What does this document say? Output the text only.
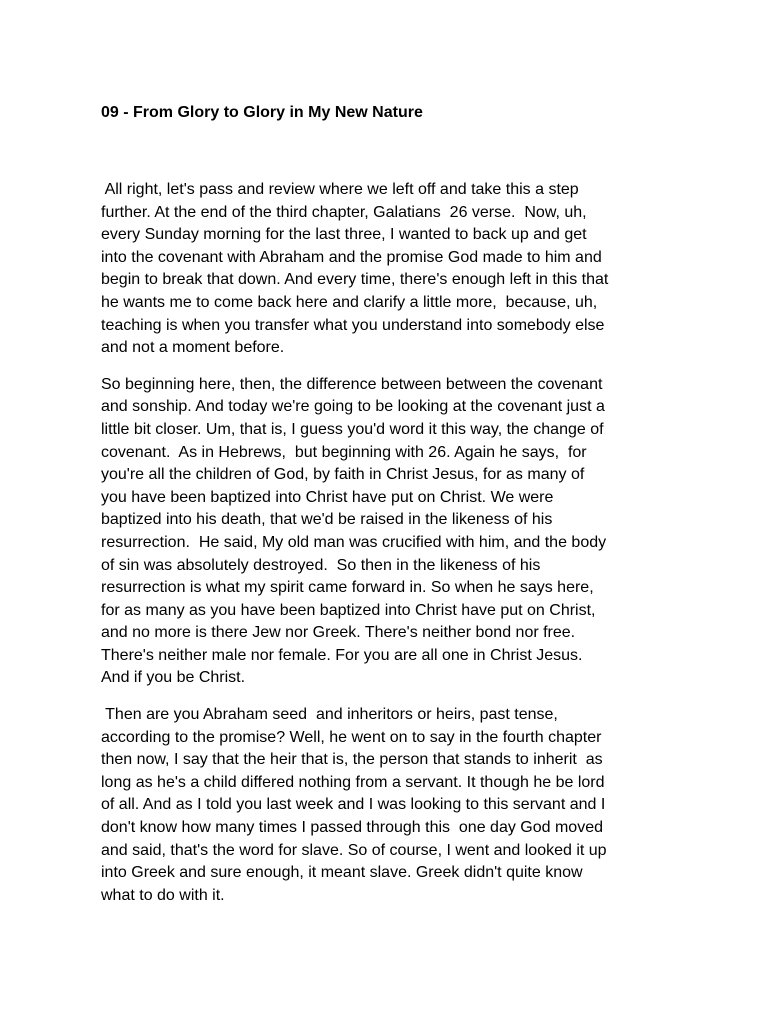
09 - From Glory to Glory in My New Nature
All right, let's pass and review where we left off and take this a step
further. At the end of the third chapter, Galatians  26 verse.  Now, uh,
every Sunday morning for the last three, I wanted to back up and get
into the covenant with Abraham and the promise God made to him and
begin to break that down. And every time, there's enough left in this that
he wants me to come back here and clarify a little more,  because, uh,
teaching is when you transfer what you understand into somebody else
and not a moment before.
So beginning here, then, the difference between between the covenant
and sonship. And today we're going to be looking at the covenant just a
little bit closer. Um, that is, I guess you'd word it this way, the change of
covenant.  As in Hebrews,  but beginning with 26. Again he says,  for
you're all the children of God, by faith in Christ Jesus, for as many of
you have been baptized into Christ have put on Christ. We were
baptized into his death, that we'd be raised in the likeness of his
resurrection.  He said, My old man was crucified with him, and the body
of sin was absolutely destroyed.  So then in the likeness of his
resurrection is what my spirit came forward in. So when he says here,
for as many as you have been baptized into Christ have put on Christ,
and no more is there Jew nor Greek. There's neither bond nor free.
There's neither male nor female. For you are all one in Christ Jesus.
And if you be Christ.
Then are you Abraham seed  and inheritors or heirs, past tense,
according to the promise? Well, he went on to say in the fourth chapter
then now, I say that the heir that is, the person that stands to inherit  as
long as he's a child differed nothing from a servant. It though he be lord
of all. And as I told you last week and I was looking to this servant and I
don't know how many times I passed through this  one day God moved
and said, that's the word for slave. So of course, I went and looked it up
into Greek and sure enough, it meant slave. Greek didn't quite know
what to do with it.
